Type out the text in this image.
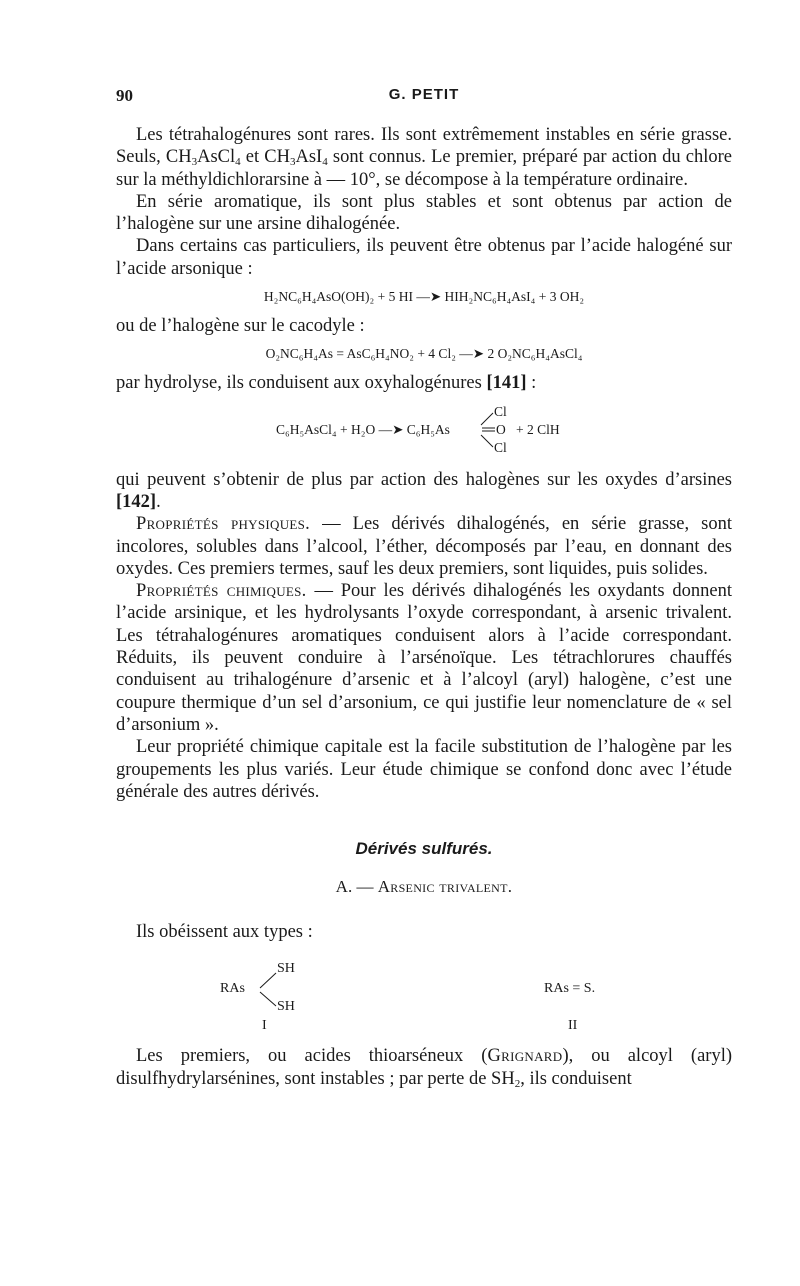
90	G. PETIT

Les tétrahalogénures sont rares. Ils sont extrêmement instables en série grasse. Seuls, $CH_3AsCl_4$ et $CH_3AsI_4$ sont connus. Le premier, préparé par action du chlore sur la méthyldichlorarsine à — 10°, se décompose à la température ordinaire.

En série aromatique, ils sont plus stables et sont obtenus par action de l’halogène sur une arsine dihalogénée.

Dans certains cas particuliers, ils peuvent être obtenus par l’acide halogéné sur l’acide arsonique :

H₂NC₆H₄AsO(OH)₂ + 5 HI —➤ HIH₂NC₆H₄AsI₄ + 3 OH₂

ou de l’halogène sur le cacodyle :

O₂NC₆H₄As = AsC₆H₄NO₂ + 4 Cl₂ —➤ 2 O₂NC₆H₄AsCl₄

par hydrolyse, ils conduisent aux oxyhalogénures [141] :

C₆H₅AsCl₄ + H₂O —➤ C₆H₅As
Cl
O
Cl
+ 2 ClH

qui peuvent s’obtenir de plus par action des halogènes sur les oxydes d’arsines [142].

Propriétés physiques. — Les dérivés dihalogénés, en série grasse, sont incolores, solubles dans l’alcool, l’éther, décomposés par l’eau, en donnant des oxydes. Ces premiers termes, sauf les deux premiers, sont liquides, puis solides.

Propriétés chimiques. — Pour les dérivés dihalogénés les oxydants donnent l’acide arsinique, et les hydrolysants l’oxyde correspondant, à arsenic trivalent. Les tétrahalogénures aromatiques conduisent alors à l’acide correspondant. Réduits, ils peuvent conduire à l’arsénoïque. Les tétrachlorures chauffés conduisent au trihalogénure d’arsenic et à l’alcoyl (aryl) halogène, c’est une coupure thermique d’un sel d’arsonium, ce qui justifie leur nomenclature de « sel d’arsonium ».

Leur propriété chimique capitale est la facile substitution de l’halogène par les groupements les plus variés. Leur étude chimique se confond donc avec l’étude générale des autres dérivés.

Dérivés sulfurés.
A. — Arsenic trivalent.

Ils obéissent aux types :

RAs
SH
SH
I
RAs = S.
II

Les premiers, ou acides thioarséneux (Grignard), ou alcoyl (aryl) disulfhydrylarsénines, sont instables ; par perte de $SH_2$, ils conduisent
